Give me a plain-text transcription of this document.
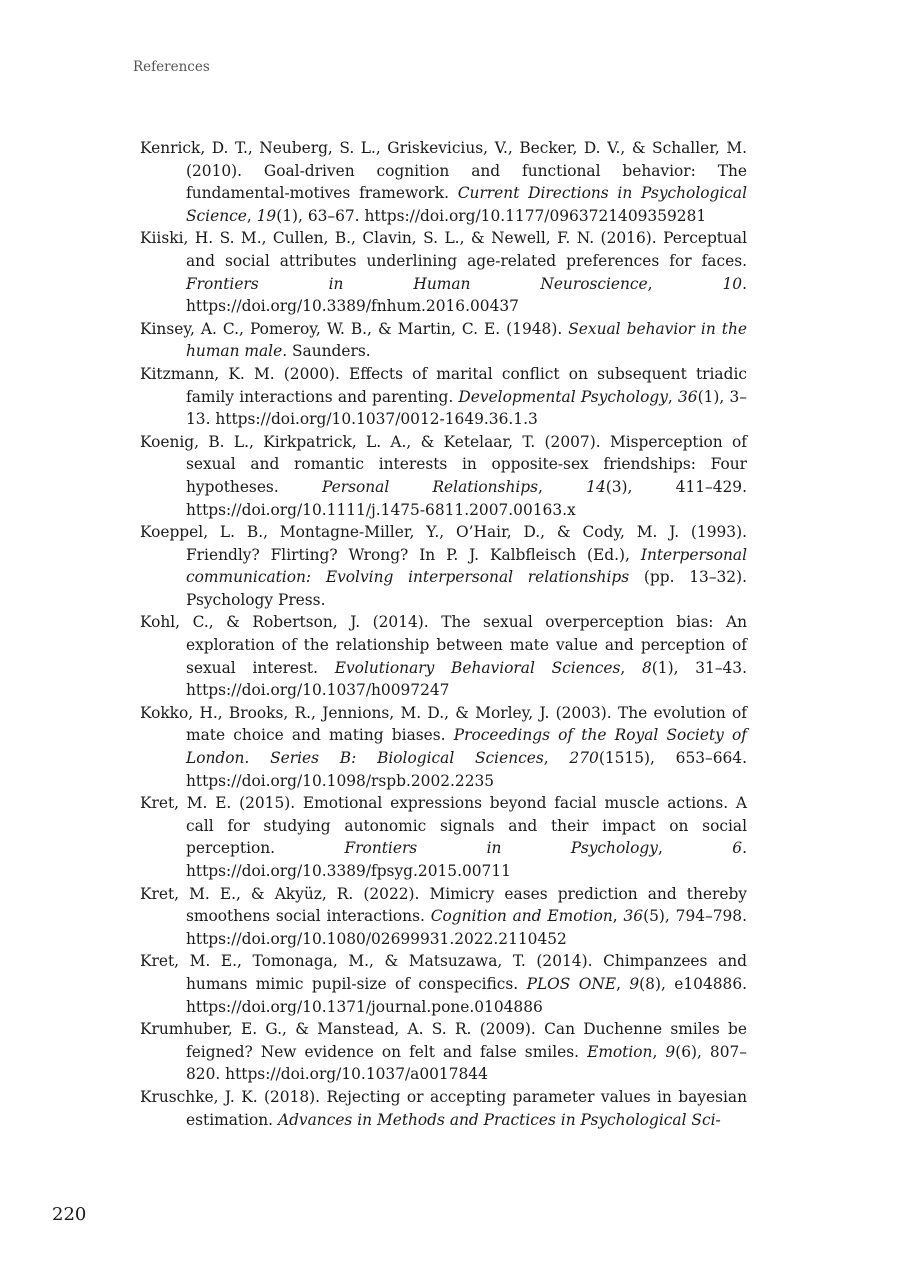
References

Kenrick, D. T., Neuberg, S. L., Griskevicius, V., Becker, D. V., & Schaller, M. (2010). Goal-driven cognition and functional behavior: The fundamental-motives framework. Current Directions in Psychological Science, 19(1), 63–67. https://doi.org/10.1177/0963721409359281

Kiiski, H. S. M., Cullen, B., Clavin, S. L., & Newell, F. N. (2016). Perceptual and social attributes underlining age-related preferences for faces. Frontiers in Human Neuroscience, 10. https://doi.org/10.3389/fnhum.2016.00437

Kinsey, A. C., Pomeroy, W. B., & Martin, C. E. (1948). Sexual behavior in the human male. Saunders.

Kitzmann, K. M. (2000). Effects of marital conflict on subsequent triadic family interactions and parenting. Developmental Psychology, 36(1), 3–13. https://doi.org/10.1037/0012-1649.36.1.3

Koenig, B. L., Kirkpatrick, L. A., & Ketelaar, T. (2007). Misperception of sexual and romantic interests in opposite-sex friendships: Four hypotheses. Personal Relationships, 14(3), 411–429. https://doi.org/10.1111/j.1475-6811.2007.00163.x

Koeppel, L. B., Montagne-Miller, Y., O’Hair, D., & Cody, M. J. (1993). Friendly? Flirting? Wrong? In P. J. Kalbfleisch (Ed.), Interpersonal communication: Evolving interpersonal relationships (pp. 13–32). Psychology Press.

Kohl, C., & Robertson, J. (2014). The sexual overperception bias: An exploration of the relationship between mate value and perception of sexual interest. Evolutionary Behavioral Sciences, 8(1), 31–43. https://doi.org/10.1037/h0097247

Kokko, H., Brooks, R., Jennions, M. D., & Morley, J. (2003). The evolution of mate choice and mating biases. Proceedings of the Royal Society of London. Series B: Biological Sciences, 270(1515), 653–664. https://doi.org/10.1098/rspb.2002.2235

Kret, M. E. (2015). Emotional expressions beyond facial muscle actions. A call for studying autonomic signals and their impact on social perception. Frontiers in Psychology, 6. https://doi.org/10.3389/fpsyg.2015.00711

Kret, M. E., & Akyüz, R. (2022). Mimicry eases prediction and thereby smoothens social interactions. Cognition and Emotion, 36(5), 794–798. https://doi.org/10.1080/02699931.2022.2110452

Kret, M. E., Tomonaga, M., & Matsuzawa, T. (2014). Chimpanzees and humans mimic pupil-size of conspecifics. PLOS ONE, 9(8), e104886. https://doi.org/10.1371/journal.pone.0104886

Krumhuber, E. G., & Manstead, A. S. R. (2009). Can Duchenne smiles be feigned? New evidence on felt and false smiles. Emotion, 9(6), 807–820. https://doi.org/10.1037/a0017844

Kruschke, J. K. (2018). Rejecting or accepting parameter values in bayesian estimation. Advances in Methods and Practices in Psychological Sci-

220
